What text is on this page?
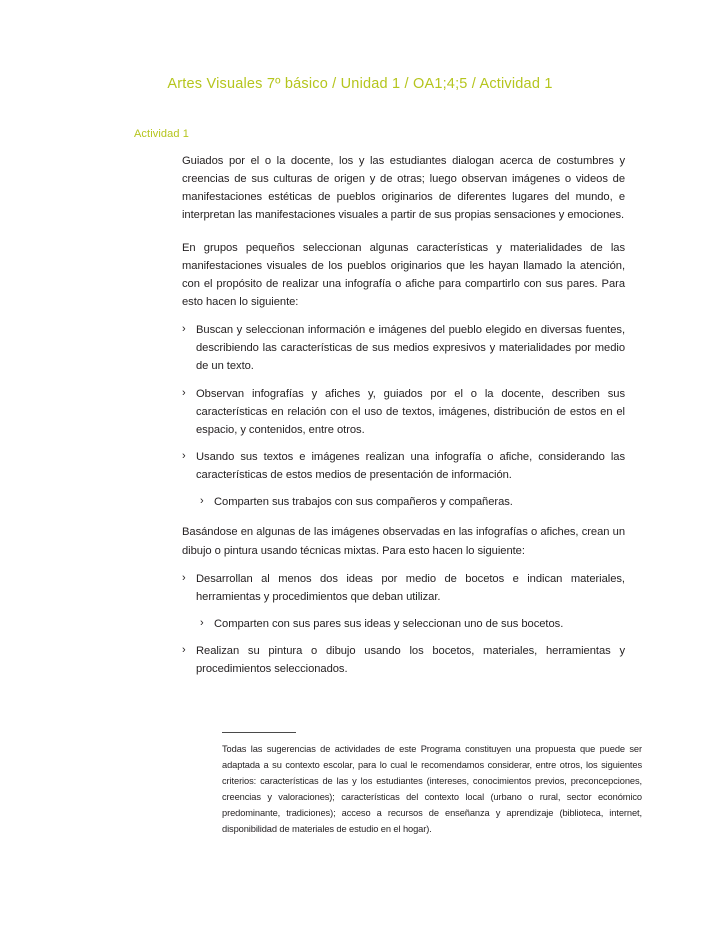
Artes Visuales 7º básico / Unidad 1 / OA1;4;5 / Actividad 1
Actividad 1

Guiados por el o la docente, los y las estudiantes dialogan acerca de costumbres y creencias de sus culturas de origen y de otras; luego observan imágenes o videos de manifestaciones estéticas de pueblos originarios de diferentes lugares del mundo, e interpretan las manifestaciones visuales a partir de sus propias sensaciones y emociones.

En grupos pequeños seleccionan algunas características y materialidades de las manifestaciones visuales de los pueblos originarios que les hayan llamado la atención, con el propósito de realizar una infografía o afiche para compartirlo con sus pares. Para esto hacen lo siguiente:

› Buscan y seleccionan información e imágenes del pueblo elegido en diversas fuentes, describiendo las características de sus medios expresivos y materialidades por medio de un texto.
› Observan infografías y afiches y, guiados por el o la docente, describen sus características en relación con el uso de textos, imágenes, distribución de estos en el espacio, y contenidos, entre otros.
› Usando sus textos e imágenes realizan una infografía o afiche, considerando las características de estos medios de presentación de información.
› Comparten sus trabajos con sus compañeros y compañeras.

Basándose en algunas de las imágenes observadas en las infografías o afiches, crean un dibujo o pintura usando técnicas mixtas. Para esto hacen lo siguiente:

› Desarrollan al menos dos ideas por medio de bocetos e indican materiales, herramientas y procedimientos que deban utilizar.
› Comparten con sus pares sus ideas y seleccionan uno de sus bocetos.
› Realizan su pintura o dibujo usando los bocetos, materiales, herramientas y procedimientos seleccionados.
Todas las sugerencias de actividades de este Programa constituyen una propuesta que puede ser adaptada a su contexto escolar, para lo cual le recomendamos considerar, entre otros, los siguientes criterios: características de las y los estudiantes (intereses, conocimientos previos, preconcepciones, creencias y valoraciones); características del contexto local (urbano o rural, sector económico predominante, tradiciones); acceso a recursos de enseñanza y aprendizaje (biblioteca, internet, disponibilidad de materiales de estudio en el hogar).
